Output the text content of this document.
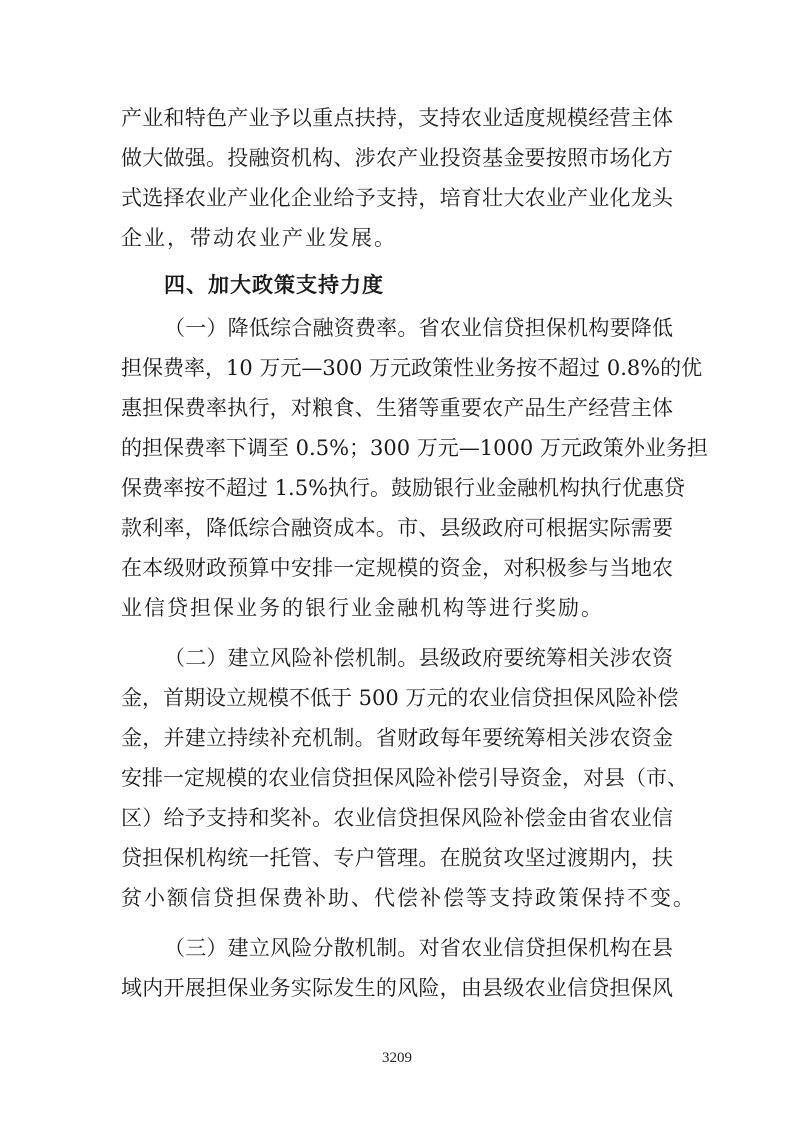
产业和特色产业予以重点扶持，支持农业适度规模经营主体
做大做强。投融资机构、涉农产业投资基金要按照市场化方
式选择农业产业化企业给予支持，培育壮大农业产业化龙头
企业，带动农业产业发展。
四、加大政策支持力度
（一）降低综合融资费率。省农业信贷担保机构要降低
担保费率，10 万元—300 万元政策性业务按不超过 0.8%的优
惠担保费率执行，对粮食、生猪等重要农产品生产经营主体
的担保费率下调至 0.5%；300 万元—1000 万元政策外业务担
保费率按不超过 1.5%执行。鼓励银行业金融机构执行优惠贷
款利率，降低综合融资成本。市、县级政府可根据实际需要
在本级财政预算中安排一定规模的资金，对积极参与当地农
业信贷担保业务的银行业金融机构等进行奖励。
（二）建立风险补偿机制。县级政府要统筹相关涉农资
金，首期设立规模不低于 500 万元的农业信贷担保风险补偿
金，并建立持续补充机制。省财政每年要统筹相关涉农资金
安排一定规模的农业信贷担保风险补偿引导资金，对县（市、
区）给予支持和奖补。农业信贷担保风险补偿金由省农业信
贷担保机构统一托管、专户管理。在脱贫攻坚过渡期内，扶
贫小额信贷担保费补助、代偿补偿等支持政策保持不变。
（三）建立风险分散机制。对省农业信贷担保机构在县
域内开展担保业务实际发生的风险，由县级农业信贷担保风
3209
